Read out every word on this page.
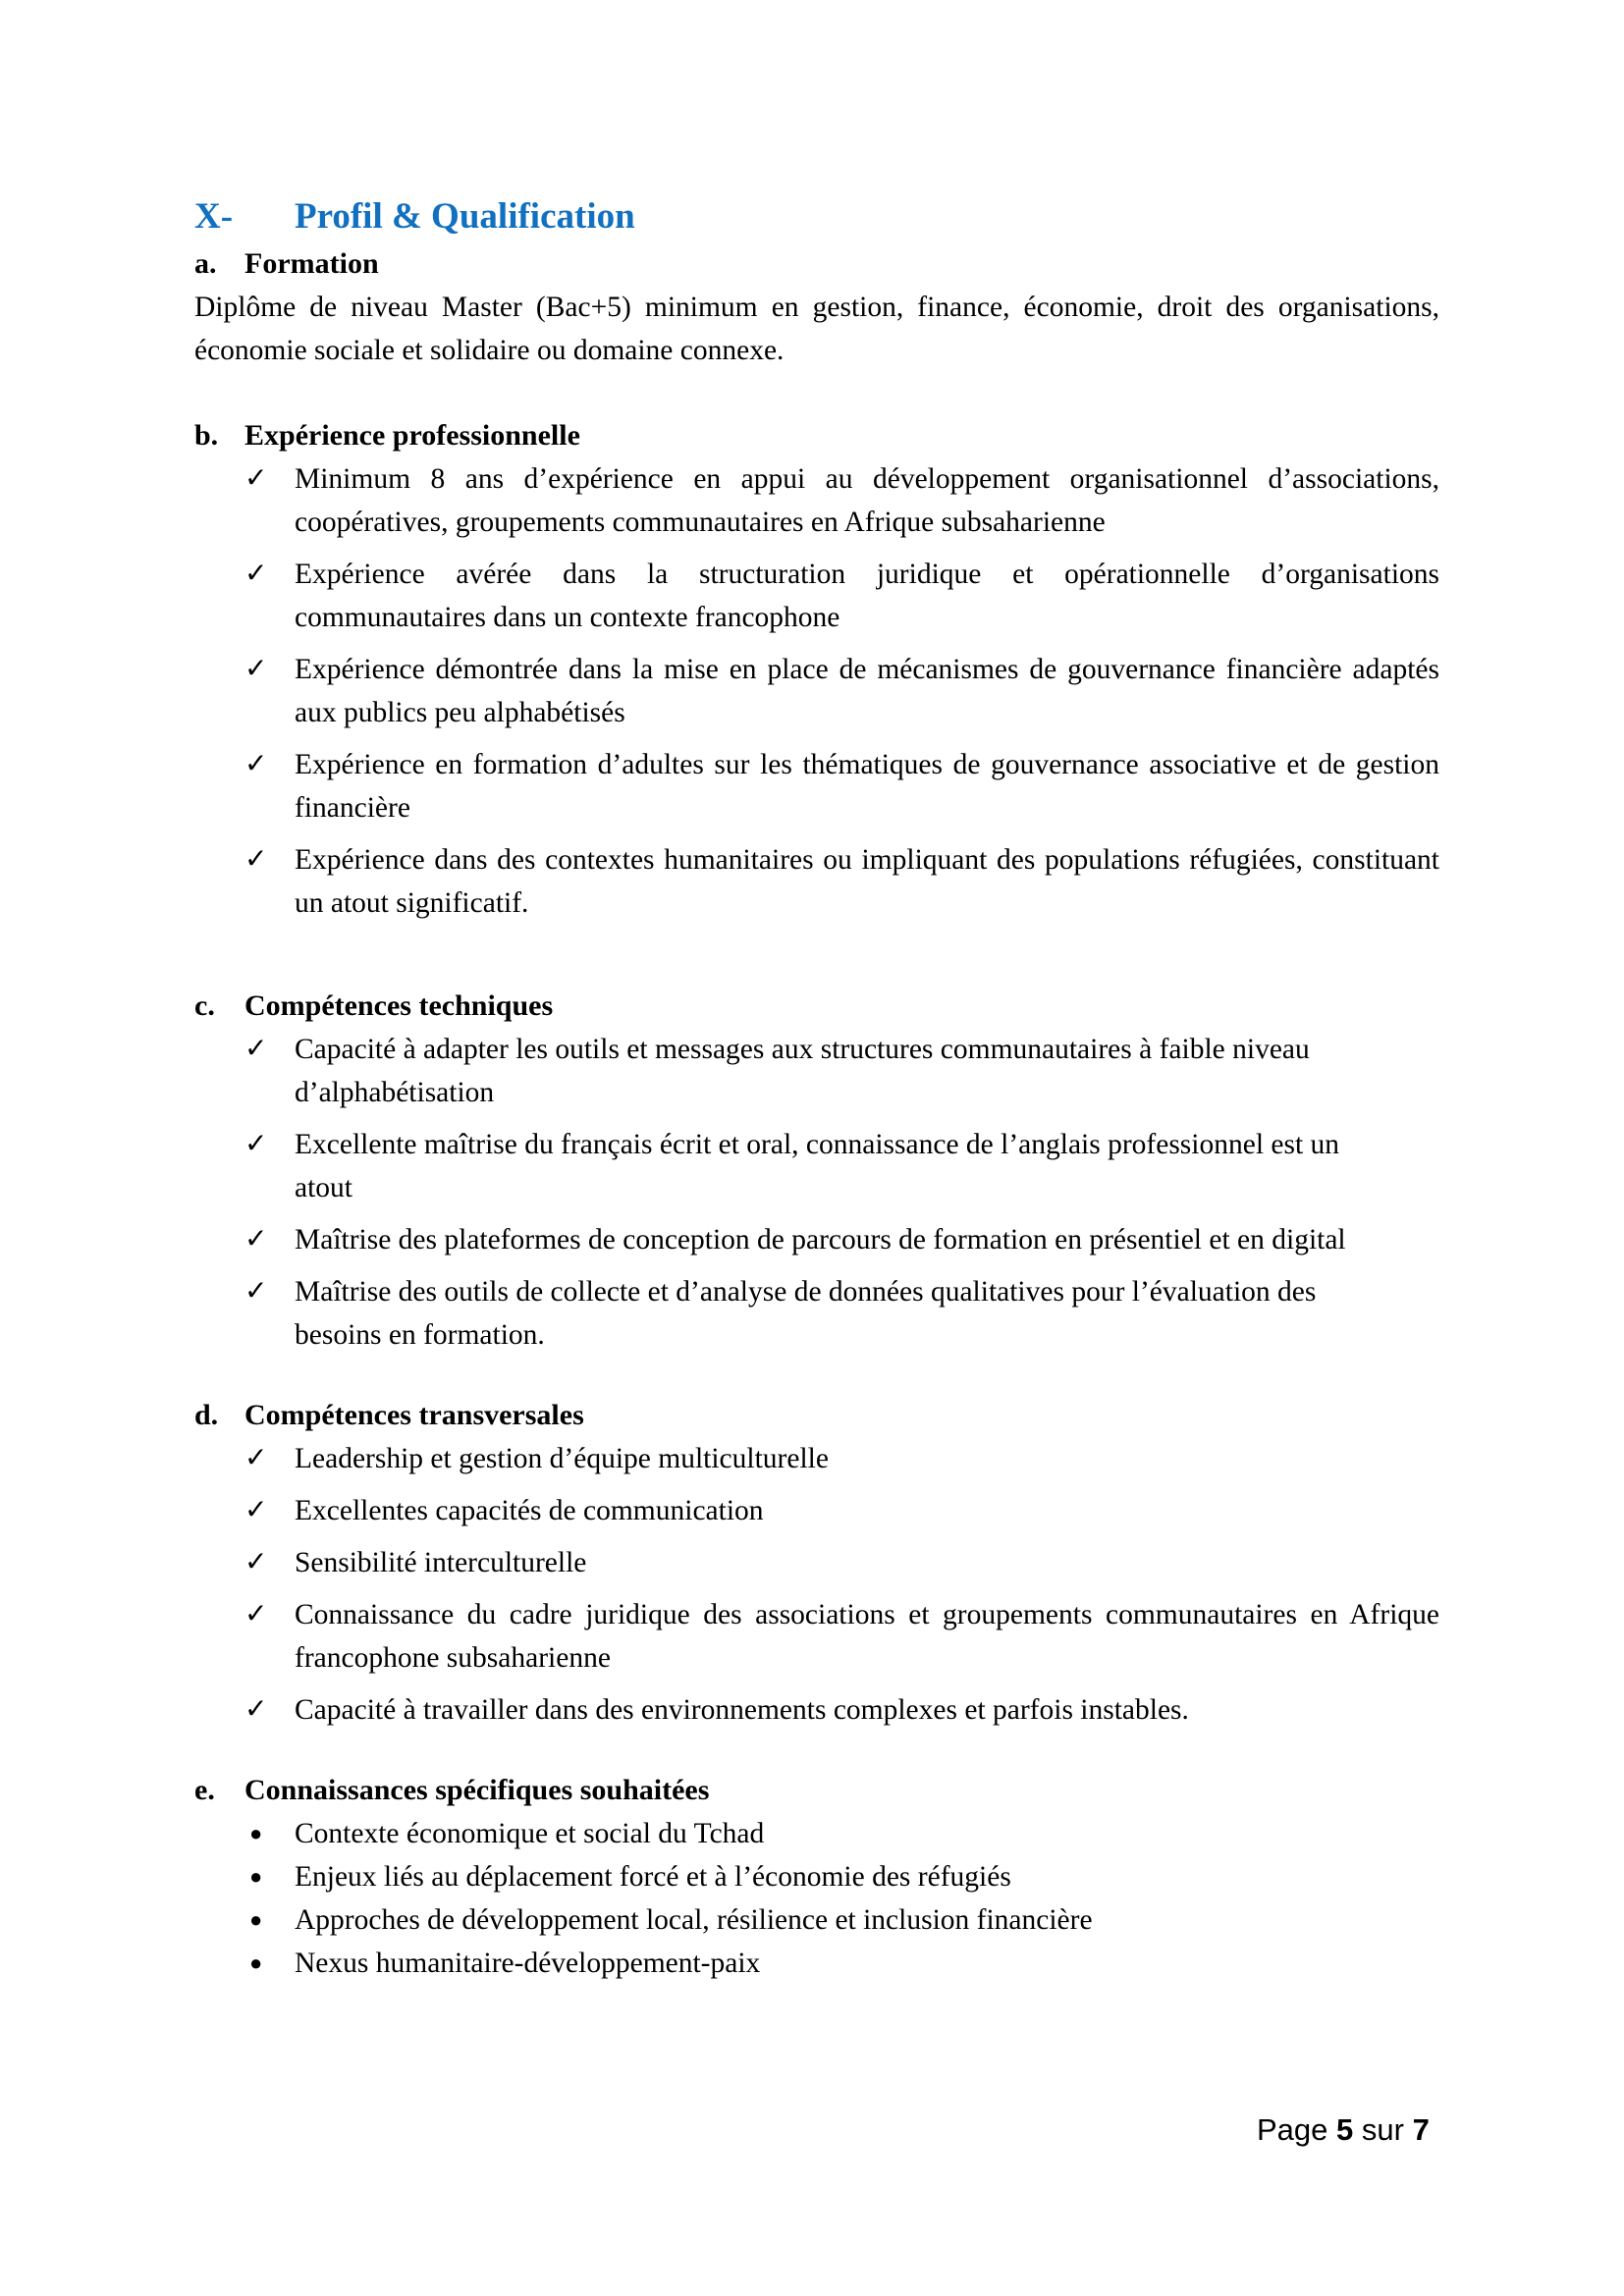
X-	Profil & Qualification
a. Formation

Diplôme de niveau Master (Bac+5) minimum en gestion, finance, économie, droit des organisations, économie sociale et solidaire ou domaine connexe.

b. Expérience professionnelle
✓ Minimum 8 ans d’expérience en appui au développement organisationnel d’associations, coopératives, groupements communautaires en Afrique subsaharienne
✓ Expérience avérée dans la structuration juridique et opérationnelle d’organisations communautaires dans un contexte francophone
✓ Expérience démontrée dans la mise en place de mécanismes de gouvernance financière adaptés aux publics peu alphabétisés
✓ Expérience en formation d’adultes sur les thématiques de gouvernance associative et de gestion financière
✓ Expérience dans des contextes humanitaires ou impliquant des populations réfugiées, constituant un atout significatif.
c.	Compétences techniques
✓ Capacité à adapter les outils et messages aux structures communautaires à faible niveau d’alphabétisation
✓ Excellente maîtrise du français écrit et oral, connaissance de l’anglais professionnel est un atout
✓ Maîtrise des plateformes de conception de parcours de formation en présentiel et en digital
✓ Maîtrise des outils de collecte et d’analyse de données qualitatives pour l’évaluation des besoins en formation.
d. Compétences transversales
✓ Leadership et gestion d’équipe multiculturelle
✓ Excellentes capacités de communication
✓ Sensibilité interculturelle
✓ Connaissance du cadre juridique des associations et groupements communautaires en Afrique francophone subsaharienne
✓ Capacité à travailler dans des environnements complexes et parfois instables.
e.	Connaissances spécifiques souhaitées
●	Contexte économique et social du Tchad
●	Enjeux liés au déplacement forcé et à l’économie des réfugiés
●	Approches de développement local, résilience et inclusion financière
●	Nexus humanitaire-développement-paix
Page 5 sur 7
